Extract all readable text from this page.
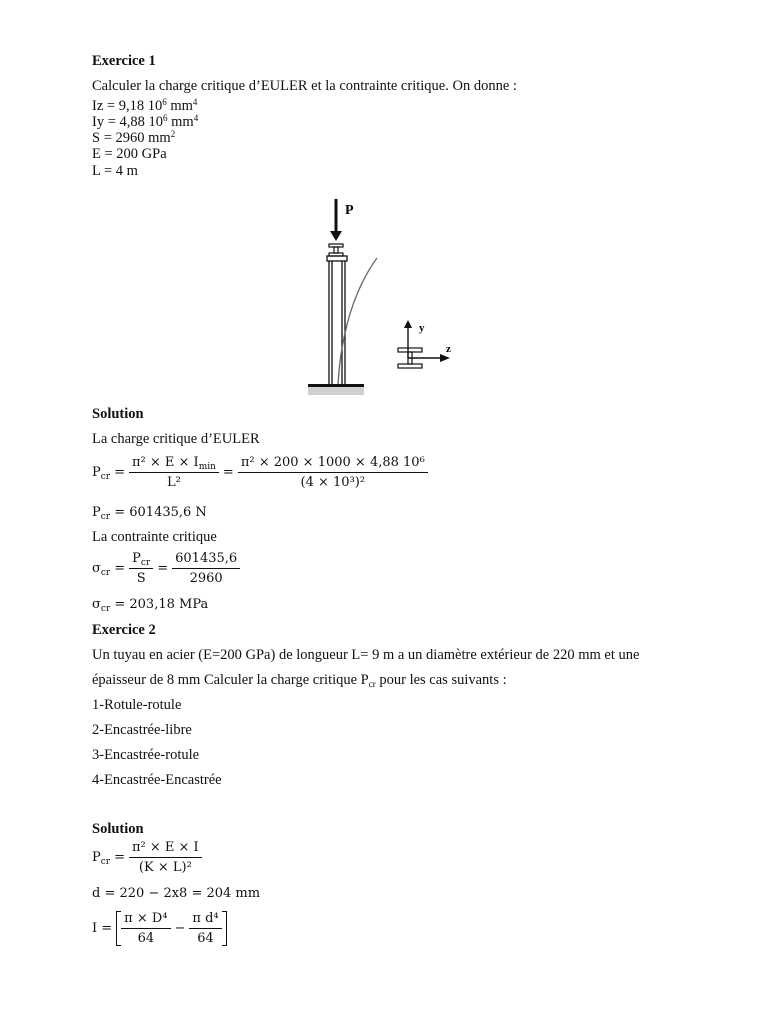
Exercice 1
Calculer la charge critique d’EULER et la contrainte critique. On donne :
Iz = 9,18 $10^6$ $mm^4$
Iy = 4,88 $10^6$ $mm^4$
S = 2960 $mm^2$
E = 200 GPa
L = 4 m
P
y
z
Solution
La charge critique d’EULER
$P_{cr} = \frac{\pi^2 \times E \times I_{min}}{\text{L²}} = \frac{\text{π² × 200 × 1000 × 4,88 10⁶}}{\text{(4 × 10³)²}}$
$P_{cr} = 601435,6$ N
La contrainte critique
$\sigma_{cr} = \frac{P_{cr}}{S} = \frac{601435,6}{2960}$
$\sigma_{cr} = 203,18$ MPa
Exercice 2
Un tuyau en acier (E=200 GPa) de longueur L= 9 m a un diamètre extérieur de 220 mm et une
épaisseur de 8 mm Calculer la charge critique $P_{cr}$ pour les cas suivants :
1-Rotule-rotule
2-Encastrée-libre
3-Encastrée-rotule
4-Encastrée-Encastrée
Solution
$P_{cr} = \frac{\text{π² × E × I}}{\text{(K × L)²}}$
d = 220 − 2x8 = 204 mm
$I = \frac{\text{π × D⁴}}{64} - \frac{\text{π d⁴}}{64}$
